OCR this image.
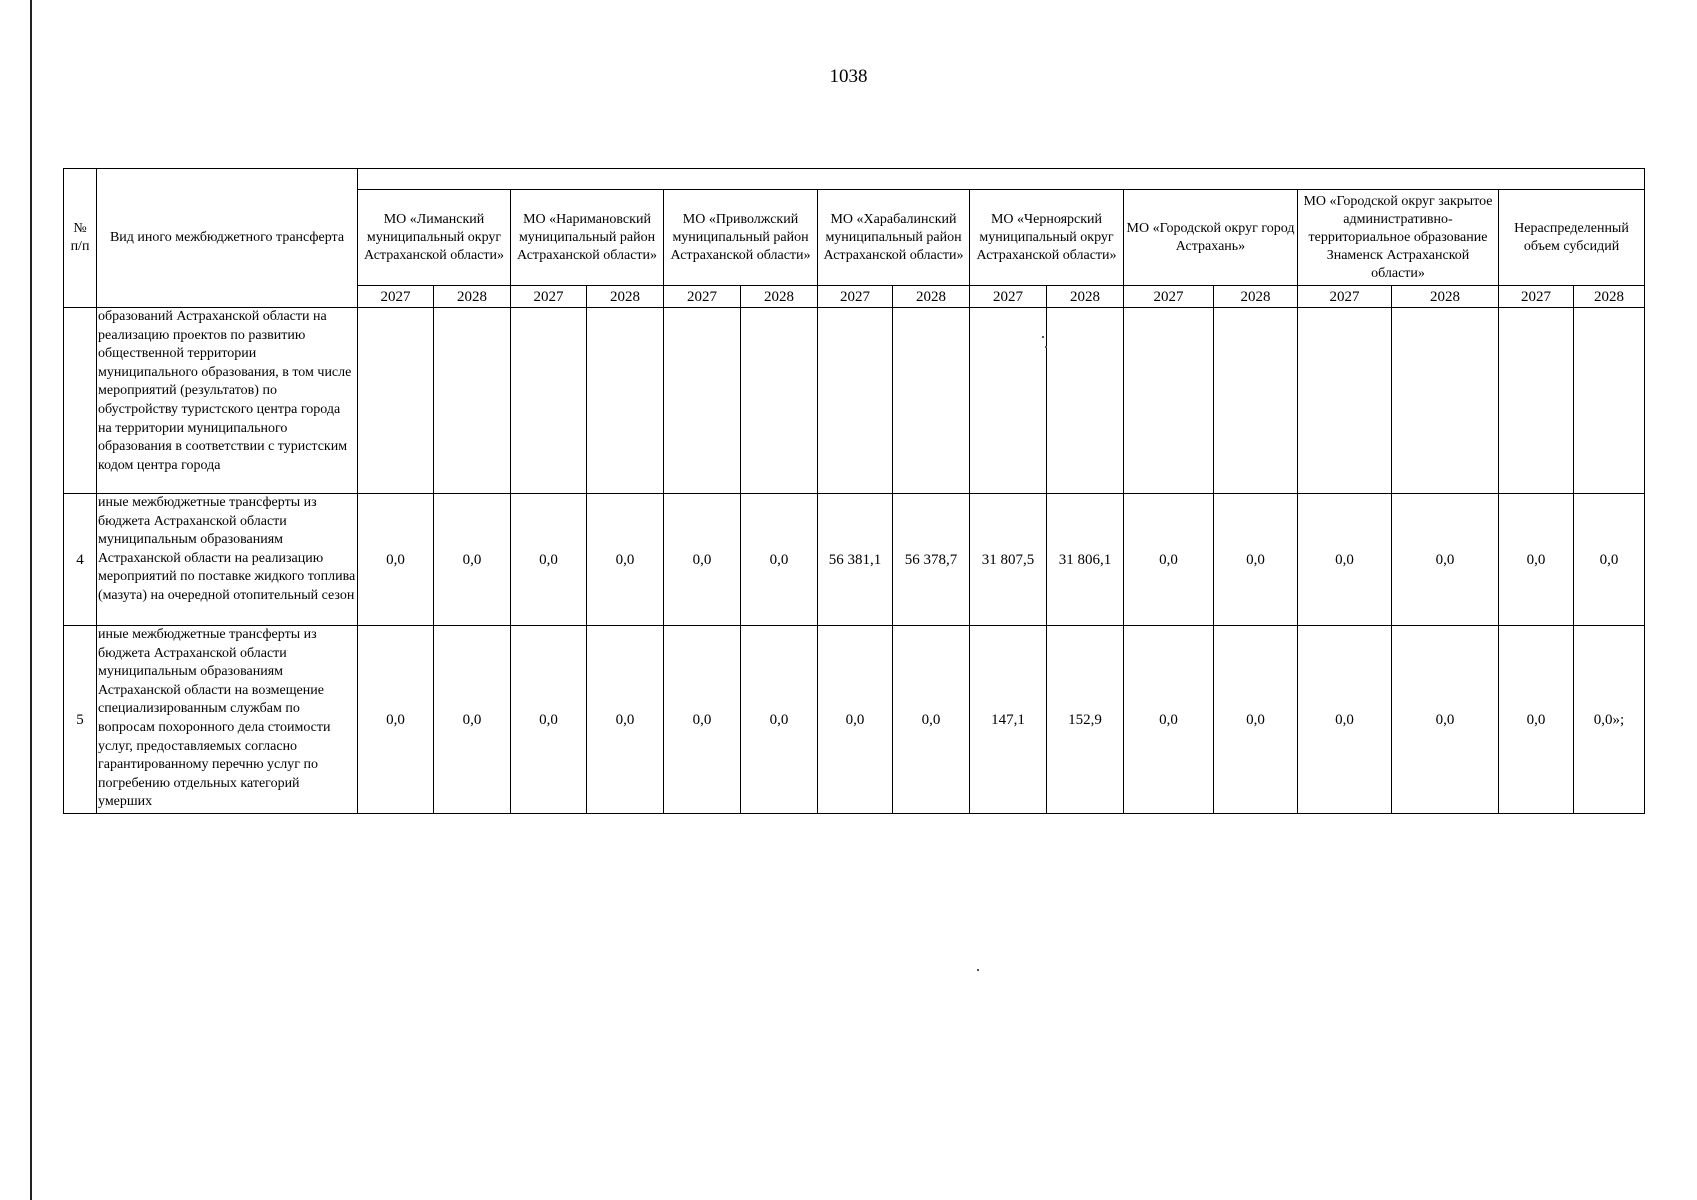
1038
№ п/п	Вид иного межбюджетного трансферта																
		МО «Лиманский муниципальный округ Астраханской области»		МО «Наримановский муниципальный район Астраханской области»		МО «Приволжский муниципальный район Астраханской области»		МО «Харабалинский муниципальный район Астраханской области»		МО «Черноярский муниципальный округ Астраханской области»		МО «Городской округ город Астрахань»		МО «Городской округ закрытое административно-территориальное образование Знаменск Астраханской области»		Нераспределенный объем субсидий	
		2027	2028	2027	2028	2027	2028	2027	2028	2027	2028	2027	2028	2027	2028	2027	2028
	образований Астраханской области на реализацию проектов по развитию общественной территории муниципального образования, в том числе мероприятий (результатов) по обустройству туристского центра города на территории муниципального образования в соответствии с туристским кодом центра города																
4	иные межбюджетные трансферты из бюджета Астраханской области муниципальным образованиям Астраханской области на реализацию мероприятий по поставке жидкого топлива (мазута) на очередной отопительный сезон	0,0	0,0	0,0	0,0	0,0	0,0	56 381,1	56 378,7	31 807,5	31 806,1	0,0	0,0	0,0	0,0	0,0	0,0
5	иные межбюджетные трансферты из бюджета Астраханской области муниципальным образованиям Астраханской области на возмещение специализированным службам по вопросам похоронного дела стоимости услуг, предоставляемых согласно гарантированному перечню услуг по погребению отдельных категорий умерших	0,0	0,0	0,0	0,0	0,0	0,0	0,0	0,0	147,1	152,9	0,0	0,0	0,0	0,0	0,0	0,0»;
